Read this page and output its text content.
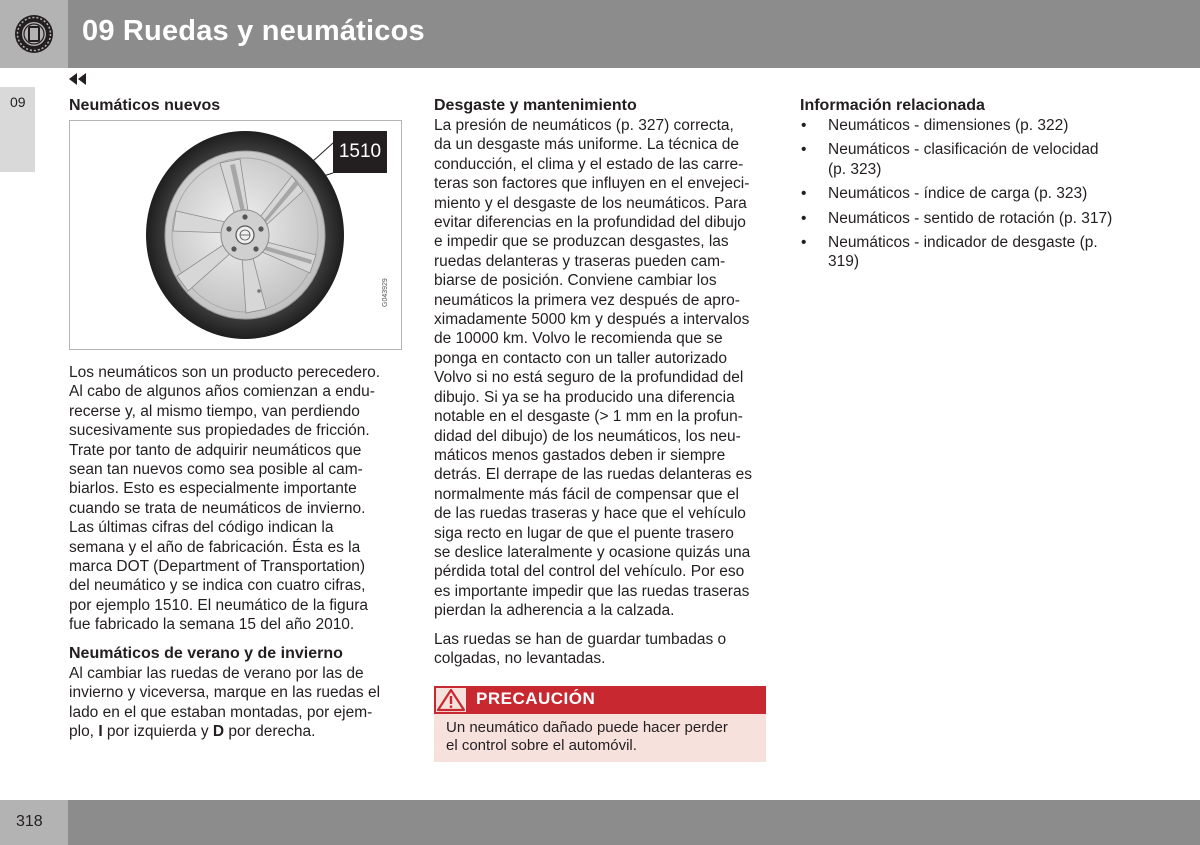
09 Ruedas y neumáticos
09	Neumáticos nuevos
1510
G043929
Los neumáticos son un producto perecedero.
Al cabo de algunos años comienzan a endu-
recerse y, al mismo tiempo, van perdiendo
sucesivamente sus propiedades de fricción.
Trate por tanto de adquirir neumáticos que
sean tan nuevos como sea posible al cam-
biarlos. Esto es especialmente importante
cuando se trata de neumáticos de invierno.
Las últimas cifras del código indican la
semana y el año de fabricación. Ésta es la
marca DOT (Department of Transportation)
del neumático y se indica con cuatro cifras,
por ejemplo 1510. El neumático de la figura
fue fabricado la semana 15 del año 2010.
Neumáticos de verano y de invierno
Al cambiar las ruedas de verano por las de
invierno y viceversa, marque en las ruedas el
lado en el que estaban montadas, por ejem-
plo, I por izquierda y D por derecha.
Desgaste y mantenimiento
La presión de neumáticos (p. 327) correcta,
da un desgaste más uniforme. La técnica de
conducción, el clima y el estado de las carre-
teras son factores que influyen en el envejeci-
miento y el desgaste de los neumáticos. Para
evitar diferencias en la profundidad del dibujo
e impedir que se produzcan desgastes, las
ruedas delanteras y traseras pueden cam-
biarse de posición. Conviene cambiar los
neumáticos la primera vez después de apro-
ximadamente 5000 km y después a intervalos
de 10000 km. Volvo le recomienda que se
ponga en contacto con un taller autorizado
Volvo si no está seguro de la profundidad del
dibujo. Si ya se ha producido una diferencia
notable en el desgaste (> 1 mm en la profun-
didad del dibujo) de los neumáticos, los neu-
máticos menos gastados deben ir siempre
detrás. El derrape de las ruedas delanteras es
normalmente más fácil de compensar que el
de las ruedas traseras y hace que el vehículo
siga recto en lugar de que el puente trasero
se deslice lateralmente y ocasione quizás una
pérdida total del control del vehículo. Por eso
es importante impedir que las ruedas traseras
pierdan la adherencia a la calzada.
Las ruedas se han de guardar tumbadas o
colgadas, no levantadas.
PRECAUCIÓN
Un neumático dañado puede hacer perder
el control sobre el automóvil.
Información relacionada
• Neumáticos - dimensiones (p. 322)
• Neumáticos - clasificación de velocidad
(p. 323)
• Neumáticos - índice de carga (p. 323)
• Neumáticos - sentido de rotación (p. 317)
• Neumáticos - indicador de desgaste (p.
319)
318
